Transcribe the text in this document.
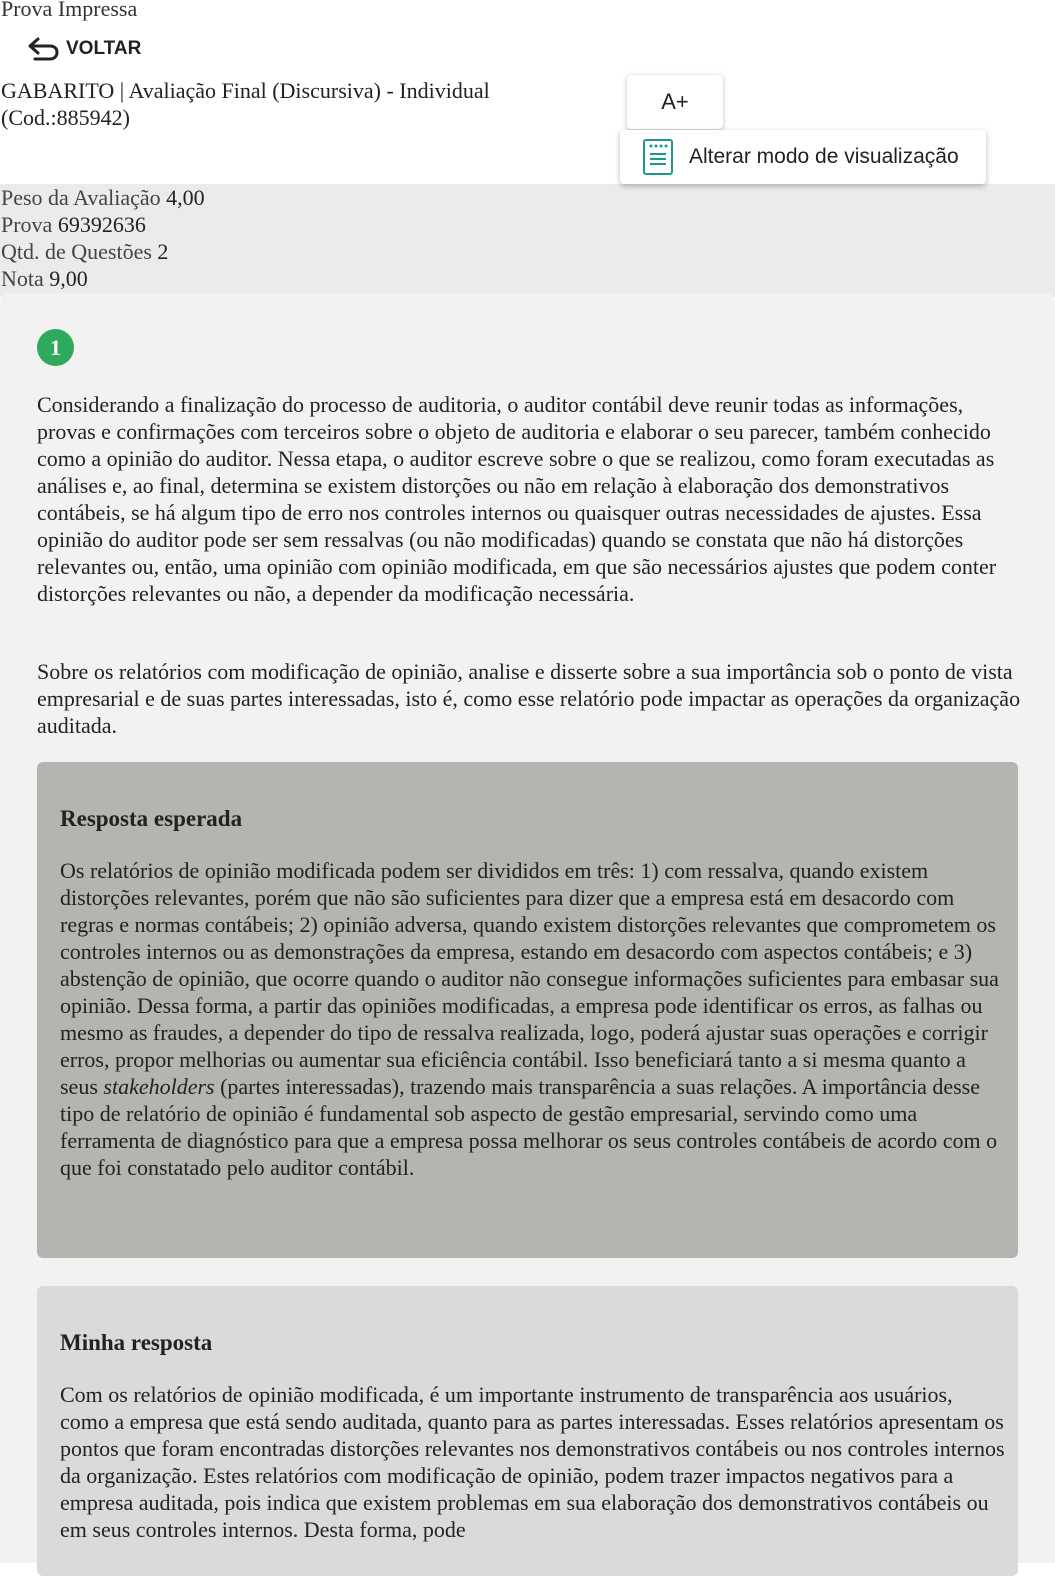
Prova Impressa
VOLTAR
GABARITO | Avaliação Final (Discursiva) - Individual (Cod.:885942)
A+
Peso da Avaliação 4,00
Prova 69392636
Qtd. de Questões 2
Nota 9,00
Alterar modo de visualização
1

Considerando a finalização do processo de auditoria, o auditor contábil deve reunir todas as informações, provas e confirmações com terceiros sobre o objeto de auditoria e elaborar o seu parecer, também conhecido como a opinião do auditor. Nessa etapa, o auditor escreve sobre o que se realizou, como foram executadas as análises e, ao final, determina se existem distorções ou não em relação à elaboração dos demonstrativos contábeis, se há algum tipo de erro nos controles internos ou quaisquer outras necessidades de ajustes. Essa opinião do auditor pode ser sem ressalvas (ou não modificadas) quando se constata que não há distorções relevantes ou, então, uma opinião com opinião modificada, em que são necessários ajustes que podem conter distorções relevantes ou não, a depender da modificação necessária.

Sobre os relatórios com modificação de opinião, analise e disserte sobre a sua importância sob o ponto de vista empresarial e de suas partes interessadas, isto é, como esse relatório pode impactar as operações da organização auditada.

Resposta esperada

Os relatórios de opinião modificada podem ser divididos em três: 1) com ressalva, quando existem distorções relevantes, porém que não são suficientes para dizer que a empresa está em desacordo com regras e normas contábeis; 2) opinião adversa, quando existem distorções relevantes que comprometem os controles internos ou as demonstrações da empresa, estando em desacordo com aspectos contábeis; e 3) abstenção de opinião, que ocorre quando o auditor não consegue informações suficientes para embasar sua opinião. Dessa forma, a partir das opiniões modificadas, a empresa pode identificar os erros, as falhas ou mesmo as fraudes, a depender do tipo de ressalva realizada, logo, poderá ajustar suas operações e corrigir erros, propor melhorias ou aumentar sua eficiência contábil. Isso beneficiará tanto a si mesma quanto a seus stakeholders (partes interessadas), trazendo mais transparência a suas relações. A importância desse tipo de relatório de opinião é fundamental sob aspecto de gestão empresarial, servindo como uma ferramenta de diagnóstico para que a empresa possa melhorar os seus controles contábeis de acordo com o que foi constatado pelo auditor contábil.

Minha resposta

Com os relatórios de opinião modificada, é um importante instrumento de transparência aos usuários, como a empresa que está sendo auditada, quanto para as partes interessadas. Esses relatórios apresentam os pontos que foram encontradas distorções relevantes nos demonstrativos contábeis ou nos controles internos da organização. Estes relatórios com modificação de opinião, podem trazer impactos negativos para a empresa auditada, pois indica que existem problemas em sua elaboração dos demonstrativos contábeis ou em seus controles internos. Desta forma, pode
